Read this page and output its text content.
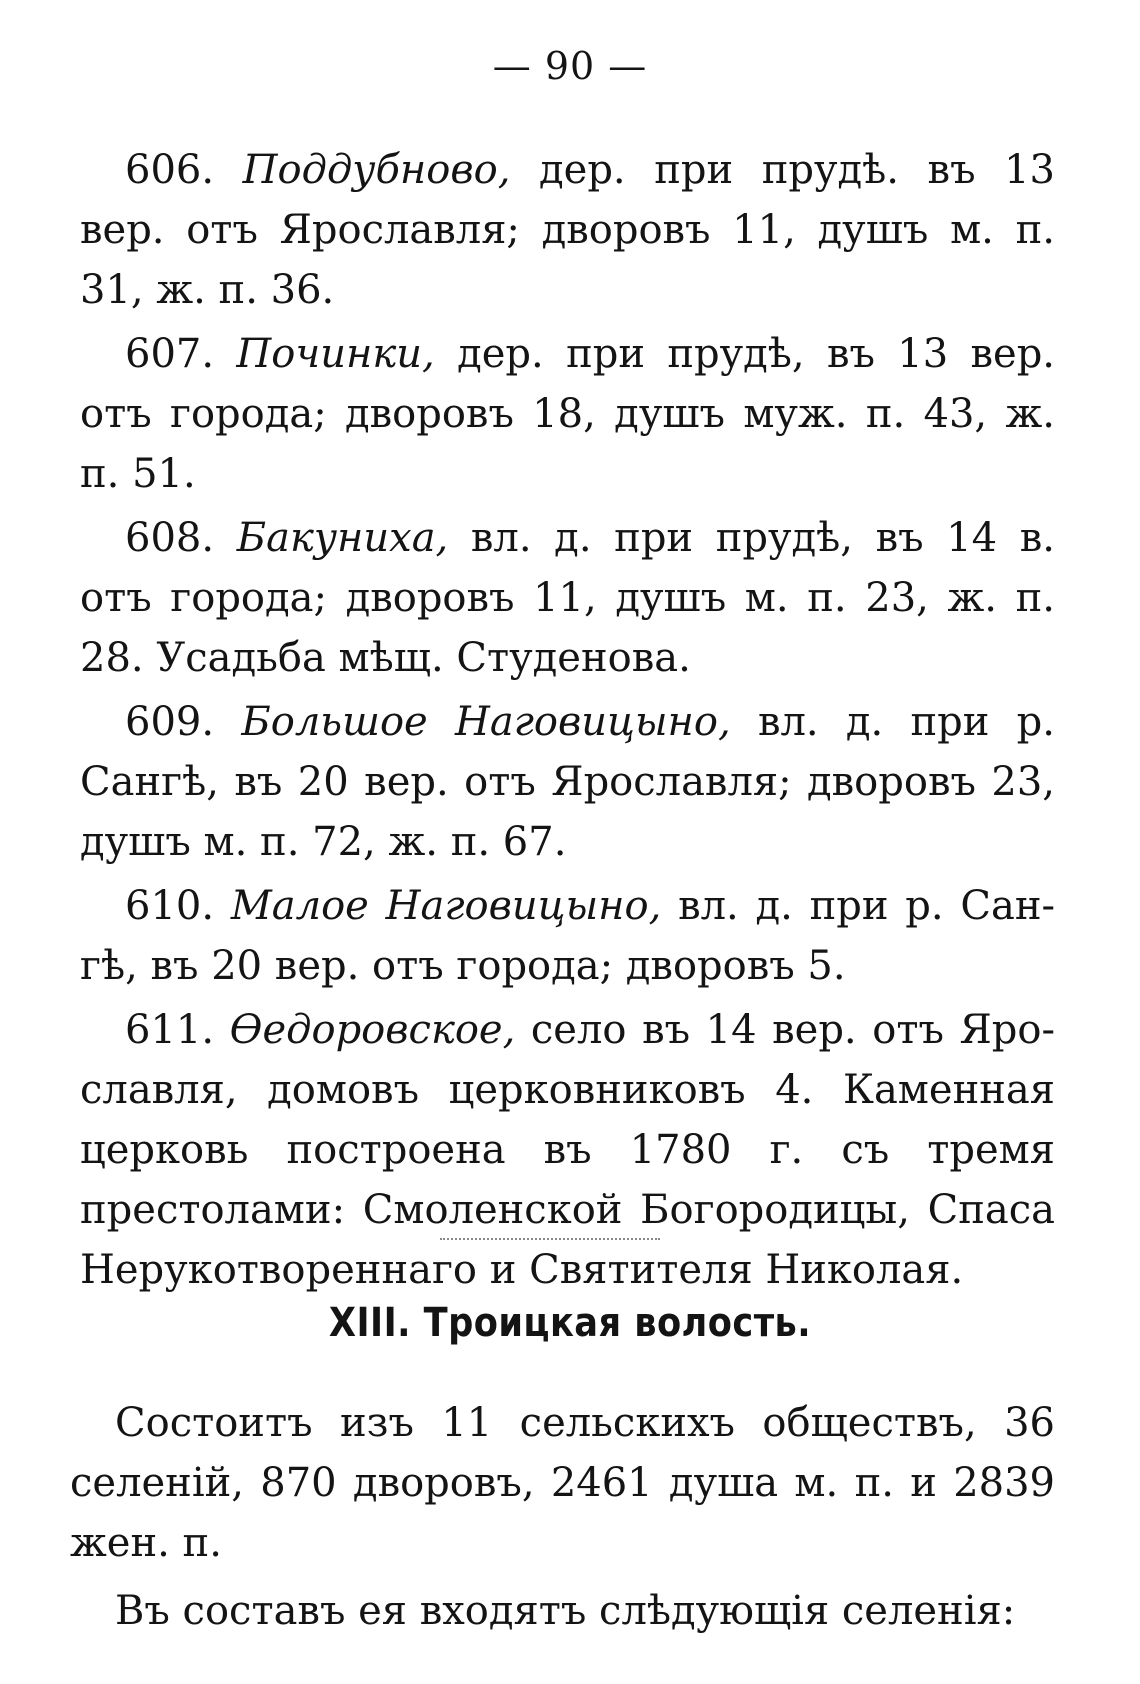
— 90 —

606. Поддубново, дер. при прудѣ. въ 13 вер. отъ Ярославля; дворовъ 11, душъ м. п. 31, ж. п. 36.

607. Починки, дер. при прудѣ, въ 13 вер. отъ города; дворовъ 18, душъ муж. п. 43, ж. п. 51.

608. Бакуниха, вл. д. при прудѣ, въ 14 в. отъ города; дворовъ 11, душъ м. п. 23, ж. п. 28. Усадьба мѣщ. Студенова.

609. Большое Наговицыно, вл. д. при р. Сангѣ, въ 20 вер. отъ Ярославля; дворовъ 23, душъ м. п. 72, ж. п. 67.

610. Малое Наговицыно, вл. д. при р. Сангѣ, въ 20 вер. отъ города; дворовъ 5.

611. Ѳедоровское, село въ 14 вер. отъ Ярославля, домовъ церковниковъ 4. Каменная церковь построена въ 1780 г. съ тремя престолами: Смоленской Богородицы, Спаса Нерукотвореннаго и Святителя Николая.

XIII. Троицкая волость.

Состоитъ изъ 11 сельскихъ обществъ, 36 селеній, 870 дворовъ, 2461 душа м. п. и 2839 жен. п.

Въ составъ ея входятъ слѣдующія селенія:
